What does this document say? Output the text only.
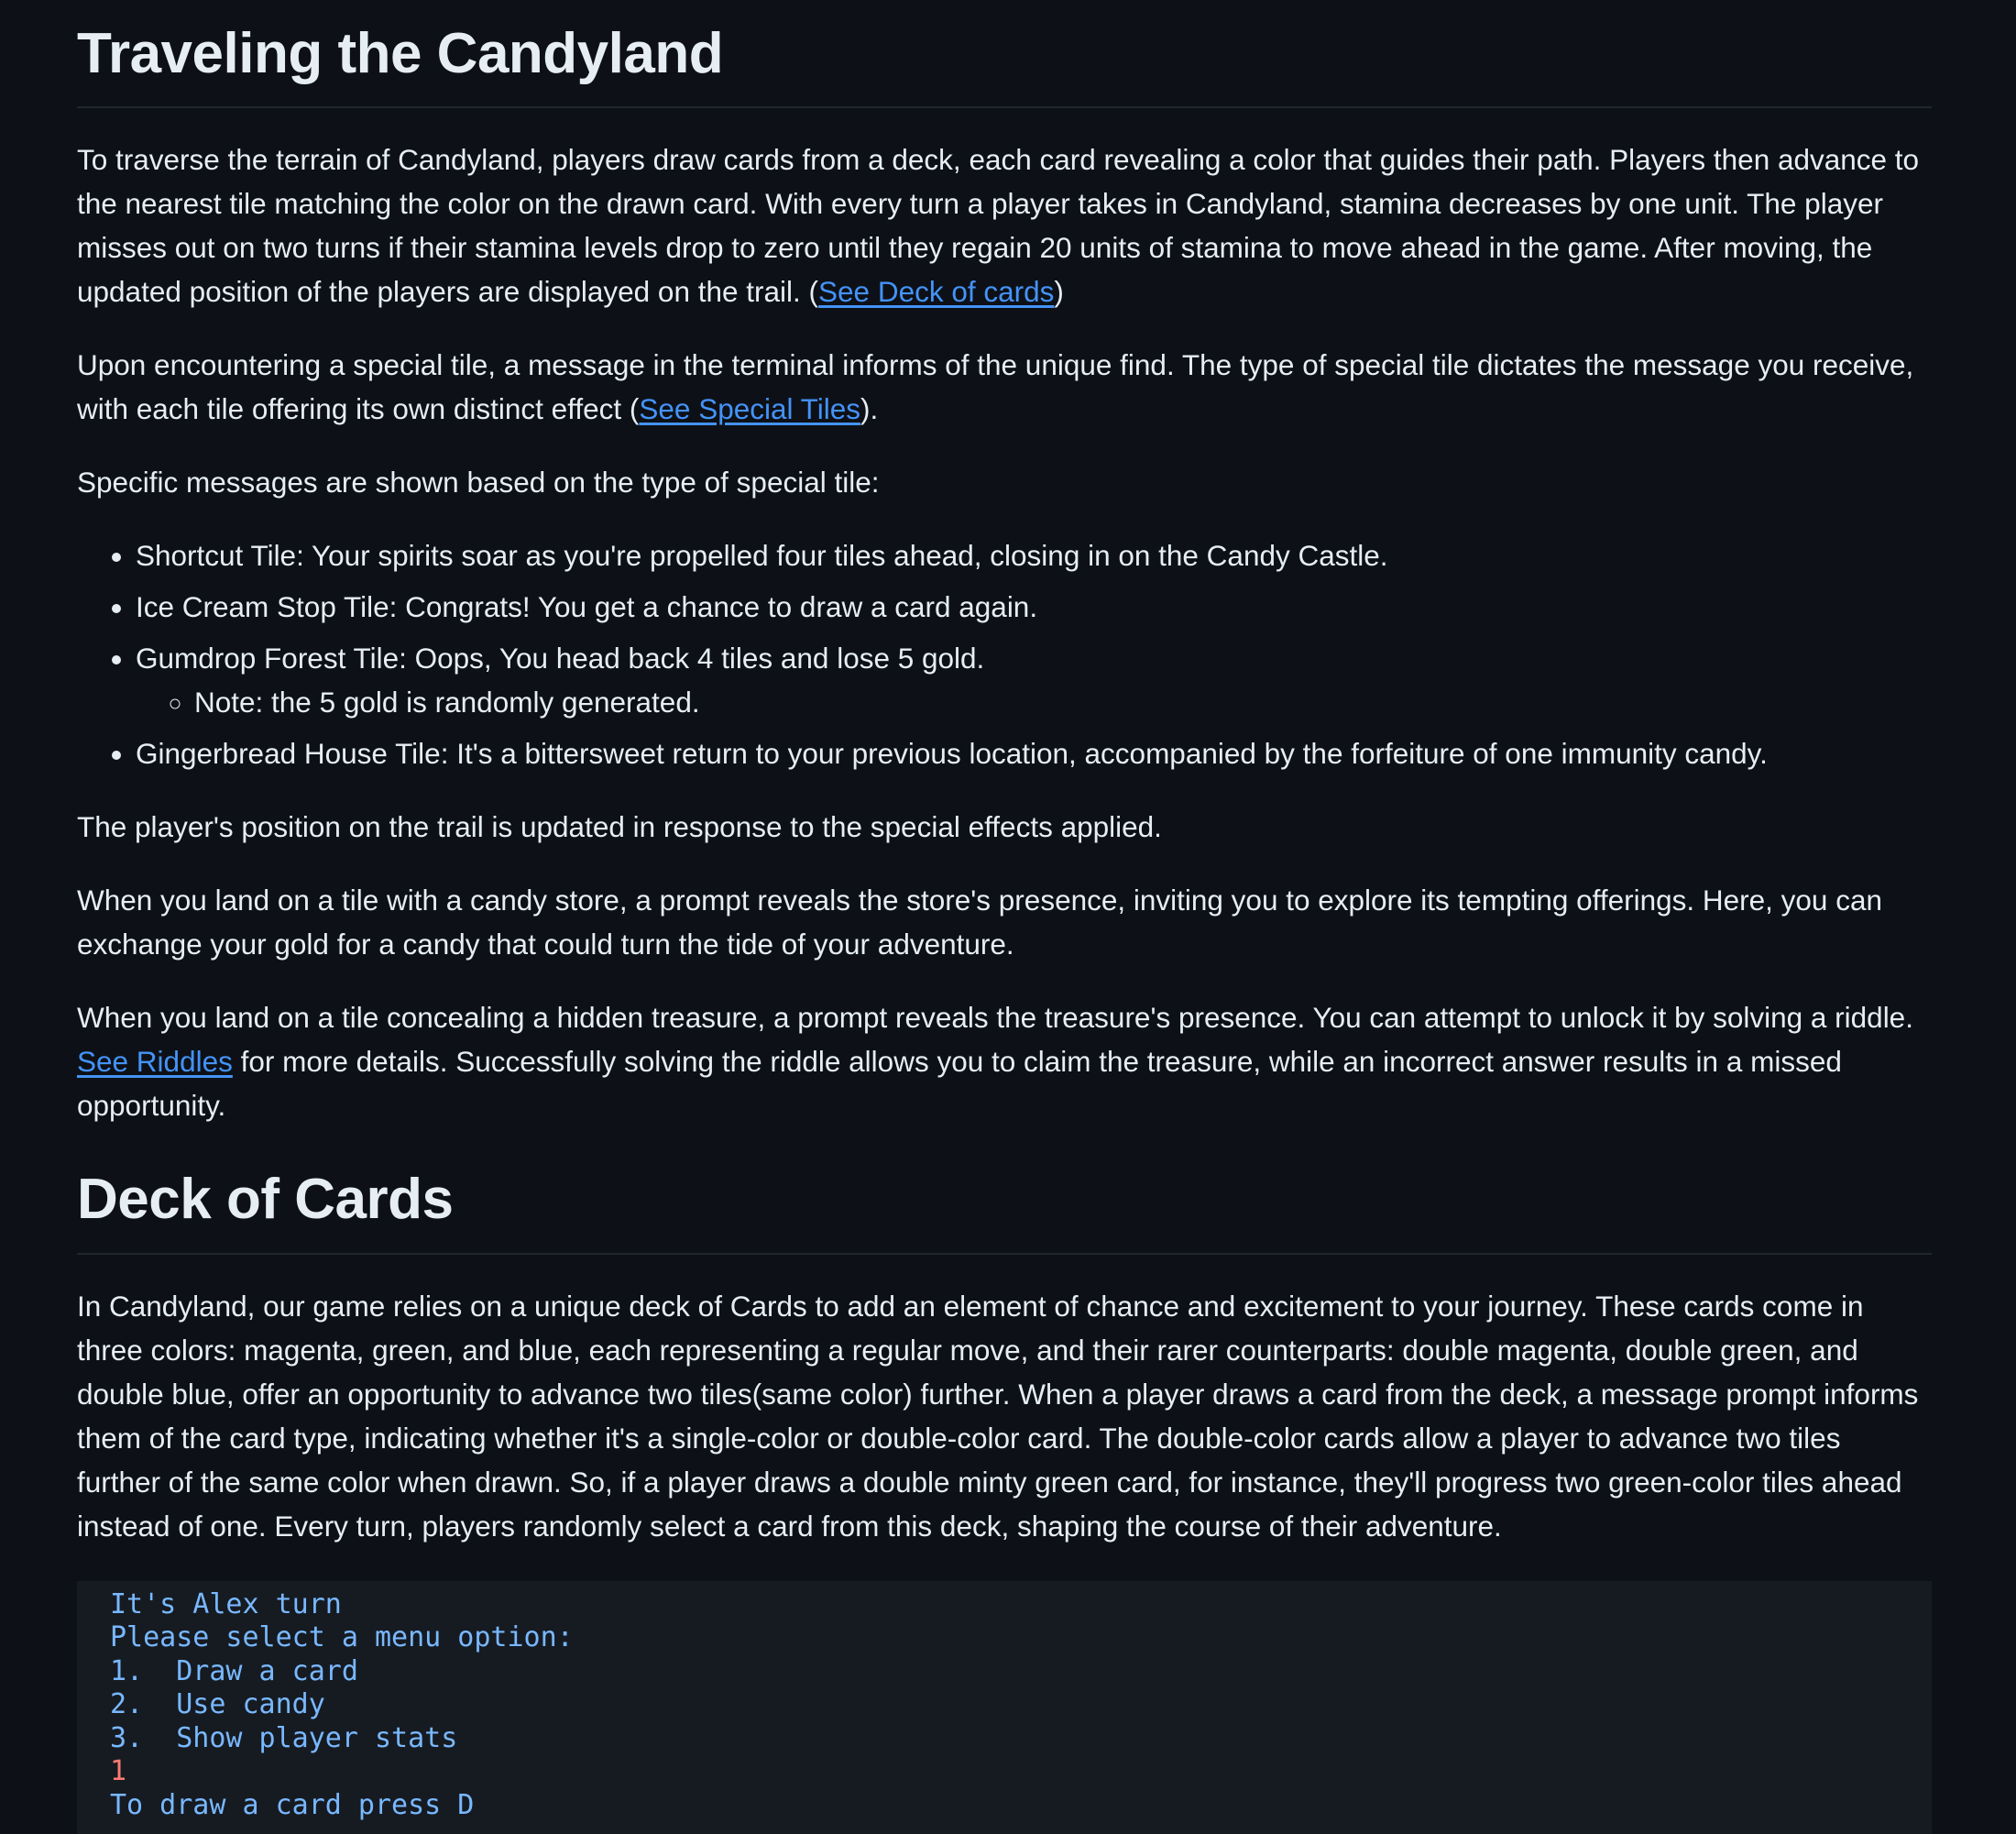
Traveling the Candyland

To traverse the terrain of Candyland, players draw cards from a deck, each card revealing a color that guides their path. Players then advance to the nearest tile matching the color on the drawn card. With every turn a player takes in Candyland, stamina decreases by one unit. The player misses out on two turns if their stamina levels drop to zero until they regain 20 units of stamina to move ahead in the game. After moving, the updated position of the players are displayed on the trail. (See Deck of cards)

Upon encountering a special tile, a message in the terminal informs of the unique find. The type of special tile dictates the message you receive, with each tile offering its own distinct effect (See Special Tiles).

Specific messages are shown based on the type of special tile:

• Shortcut Tile: Your spirits soar as you're propelled four tiles ahead, closing in on the Candy Castle.
• Ice Cream Stop Tile: Congrats! You get a chance to draw a card again.
• Gumdrop Forest Tile: Oops, You head back 4 tiles and lose 5 gold.
◦ Note: the 5 gold is randomly generated.
• Gingerbread House Tile: It's a bittersweet return to your previous location, accompanied by the forfeiture of one immunity candy.

The player's position on the trail is updated in response to the special effects applied.

When you land on a tile with a candy store, a prompt reveals the store's presence, inviting you to explore its tempting offerings. Here, you can exchange your gold for a candy that could turn the tide of your adventure.

When you land on a tile concealing a hidden treasure, a prompt reveals the treasure's presence. You can attempt to unlock it by solving a riddle. See Riddles for more details. Successfully solving the riddle allows you to claim the treasure, while an incorrect answer results in a missed opportunity.

Deck of Cards

In Candyland, our game relies on a unique deck of Cards to add an element of chance and excitement to your journey. These cards come in three colors: magenta, green, and blue, each representing a regular move, and their rarer counterparts: double magenta, double green, and double blue, offer an opportunity to advance two tiles(same color) further. When a player draws a card from the deck, a message prompt informs them of the card type, indicating whether it's a single-color or double-color card. The double-color cards allow a player to advance two tiles further of the same color when drawn. So, if a player draws a double minty green card, for instance, they'll progress two green-color tiles ahead instead of one. Every turn, players randomly select a card from this deck, shaping the course of their adventure.

It's Alex turn
Please select a menu option:
1.  Draw a card
2.  Use candy
3.  Show player stats
1
To draw a card press D
